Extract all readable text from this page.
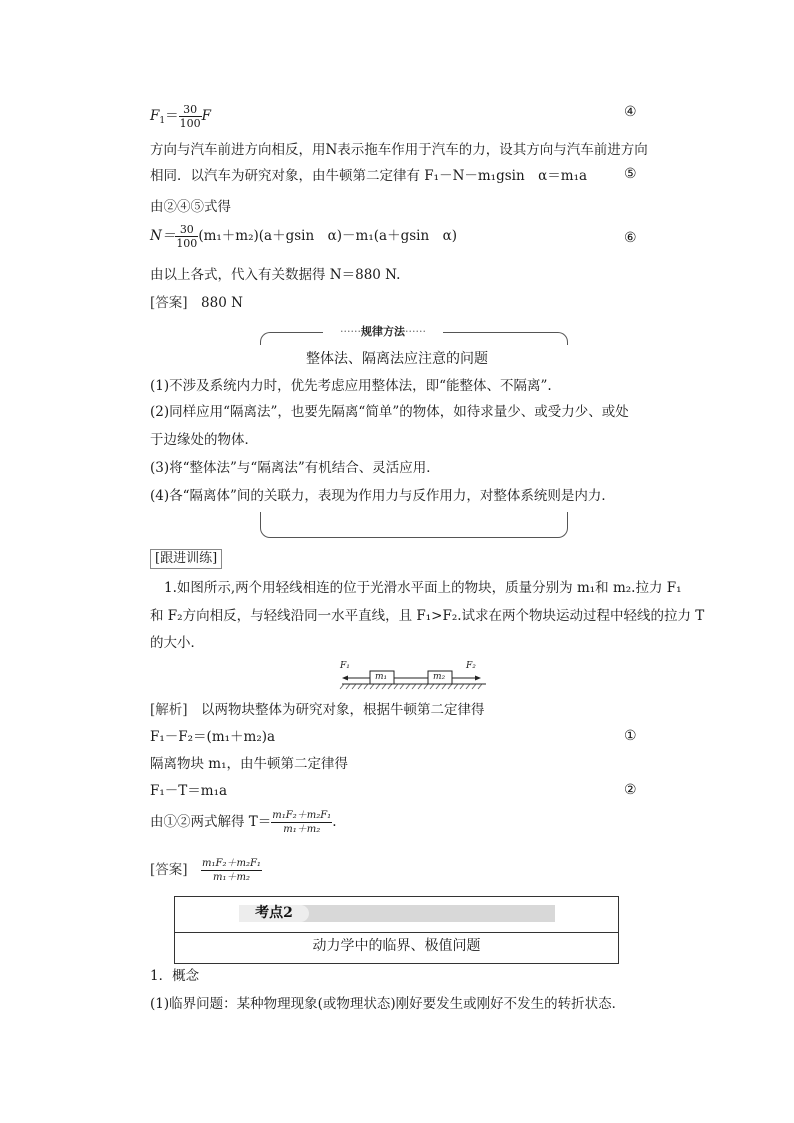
$F_1= \frac{30}{100}$ F	④
方向与汽车前进方向相反，用N表示拖车作用于汽车的力，设其方向与汽车前进方向
相同．以汽车为研究对象，由牛顿第二定律有 F₁－N－m₁gsin　α＝m₁a	⑤
由②④⑤式得
$N= \frac{30}{100} (m_1+m_2)(a+gsin$　α)－m₁(a＋gsin　α)	⑥
由以上各式，代入有关数据得 N＝880 N.
[答案]　 880 N
······规律方法······
整体法、隔离法应注意的问题
(1)不涉及系统内力时，优先考虑应用整体法，即“能整体、不隔离”.
(2)同样应用“隔离法”，也要先隔离“简单”的物体，如待求量少、或受力少、或处
于边缘处的物体．
(3)将“整体法”与“隔离法”有机结合、灵活应用．
(4)各“隔离体”间的关联力，表现为作用力与反作用力，对整体系统则是内力．
[跟进训练]
1.如图所示,两个用轻线相连的位于光滑水平面上的物块，质量分别为 m₁和 m₂.拉力 F₁
和 F₂方向相反，与轻线沿同一水平直线，且 F₁>F₂.试求在两个物块运动过程中轻线的拉力 T
的大小．
F₁	F₂
m₁	m₂
[解析]　 以两物块整体为研究对象，根据牛顿第二定律得
F₁－F₂＝(m₁＋m₂)a	①
隔离物块 m₁，由牛顿第二定律得
F₁－T＝m₁a	②
由①②两式解得 $T= \frac{\text{m₁F₂＋m₂F₁}}{\text{m₁＋m₂}}$ .
[答案]　 $\frac{\text{m₁F₂＋m₂F₁}}{\text{m₁＋m₂}}$
考点2
动力学中的临界、极值问题
1．概念
(1)临界问题：某种物理现象(或物理状态)刚好要发生或刚好不发生的转折状态．
